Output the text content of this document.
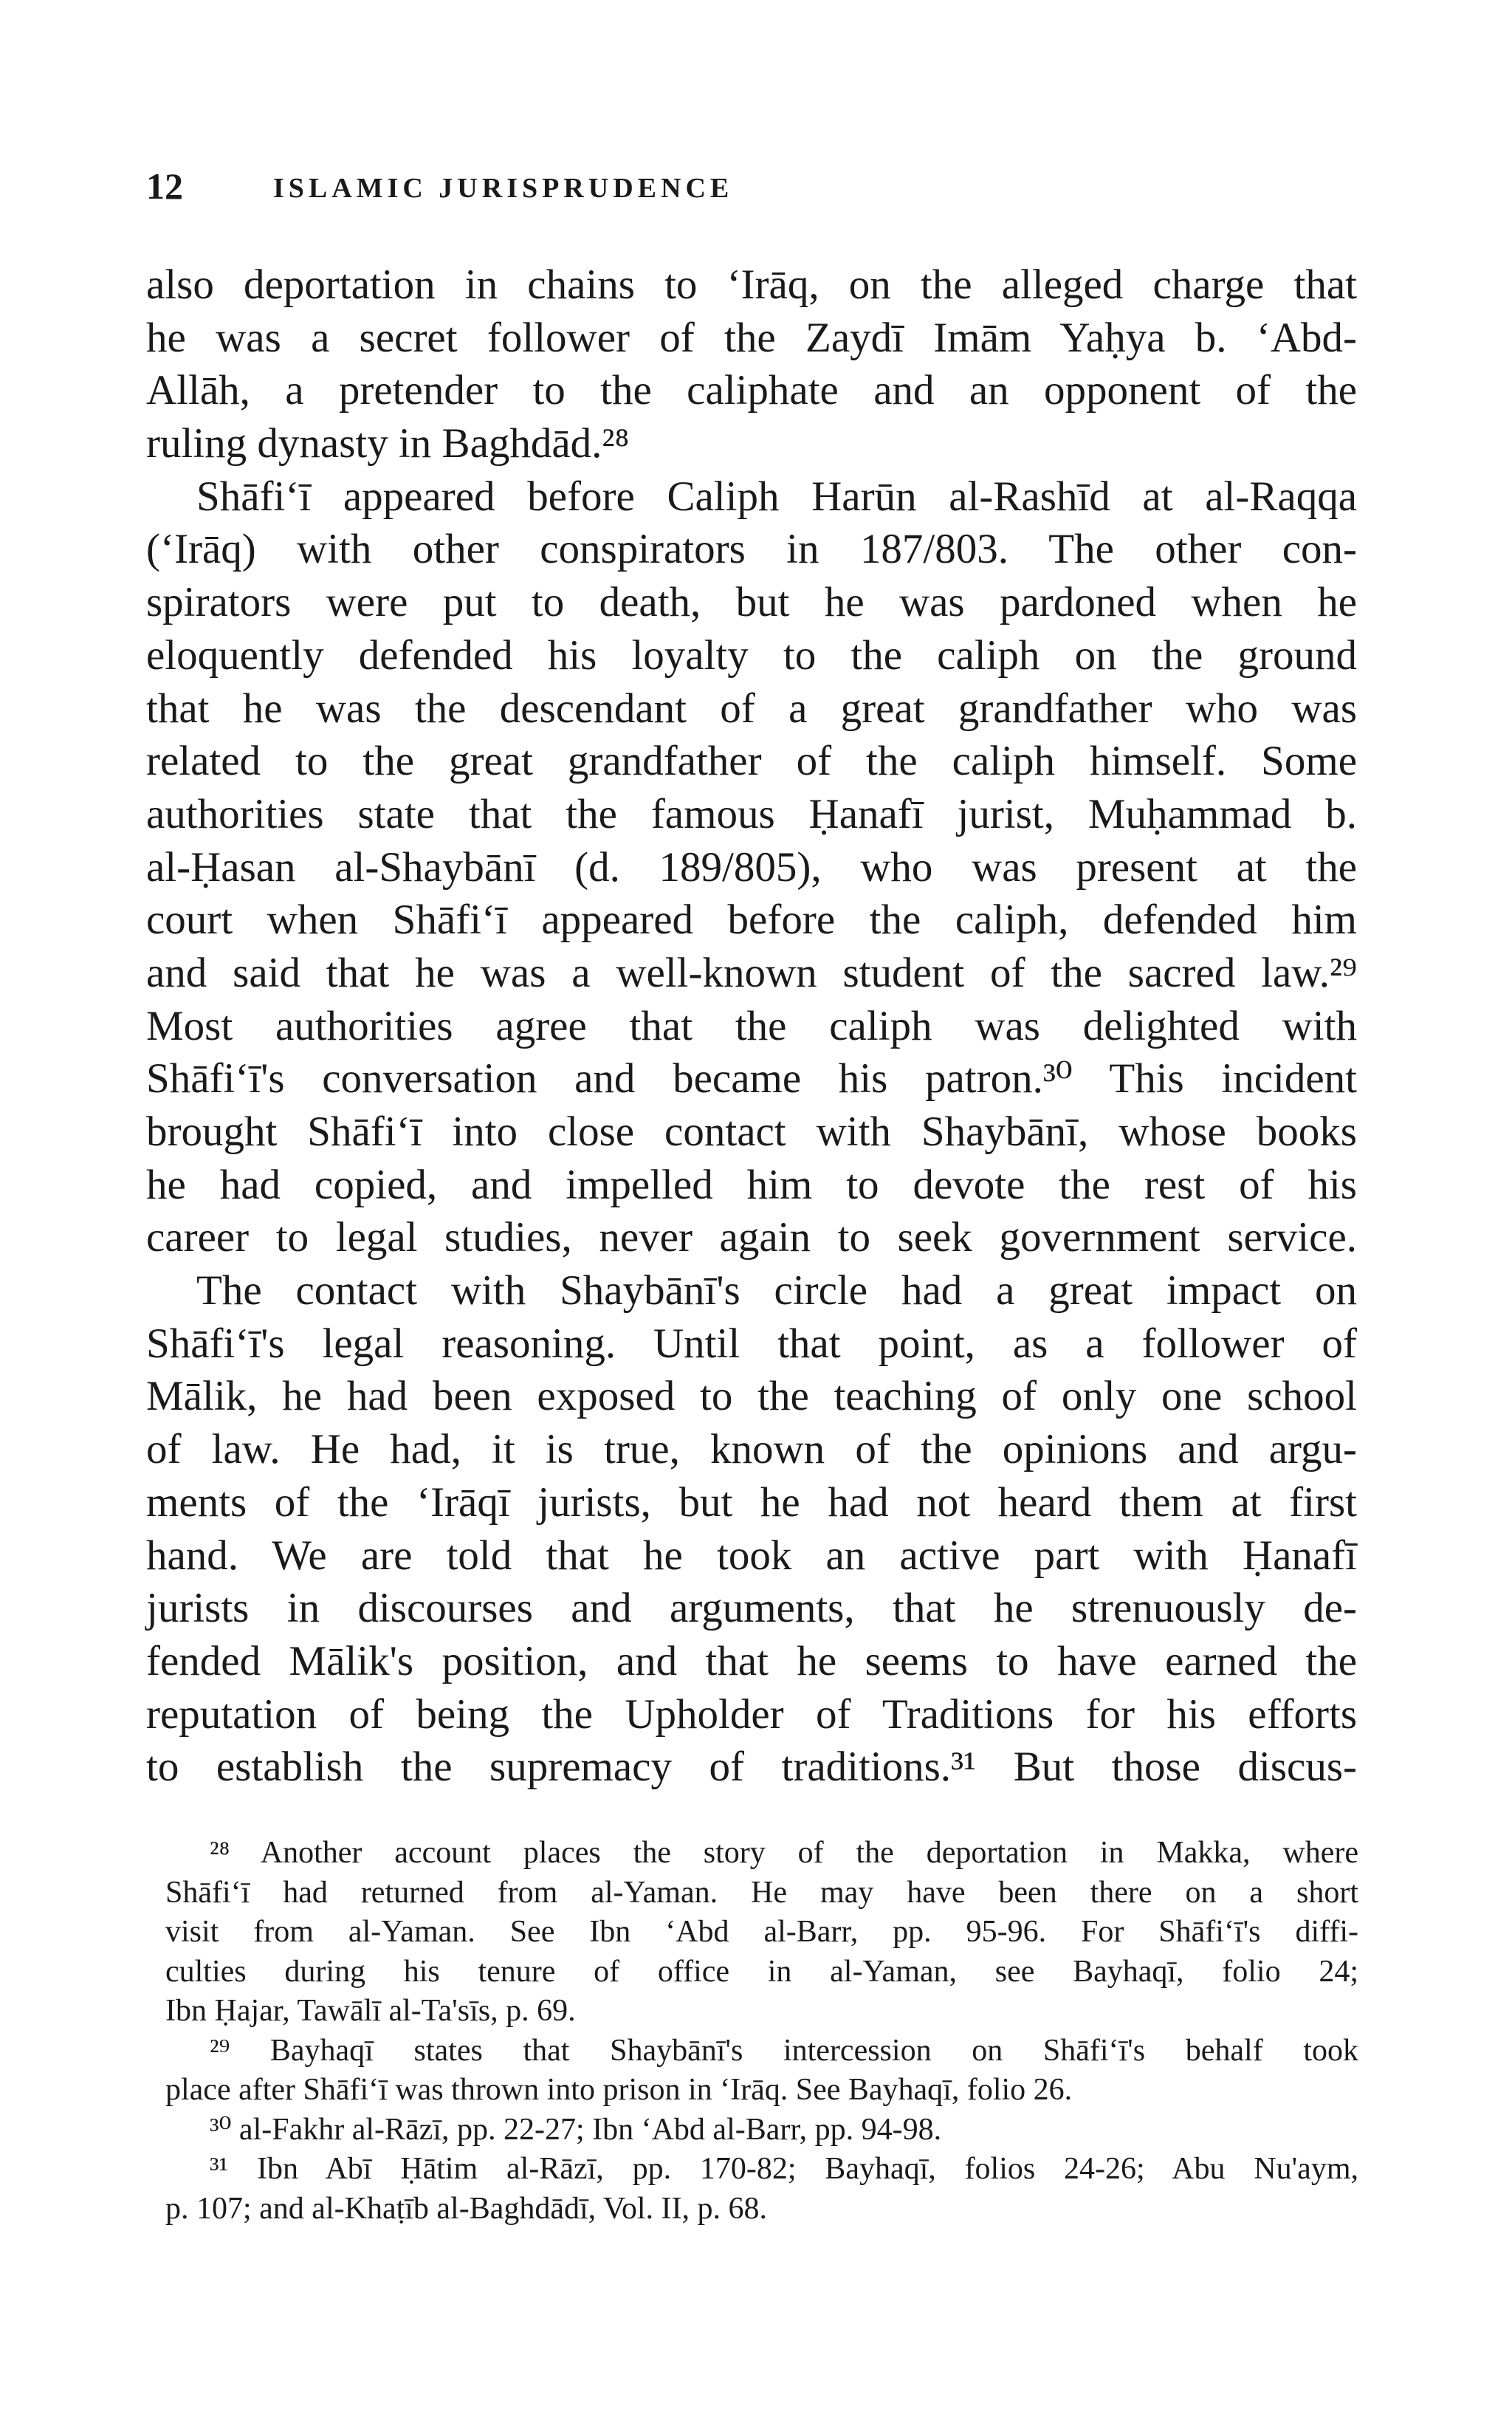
12	ISLAMIC JURISPRUDENCE
also deportation in chains to ‘Irāq, on the alleged charge that
he was a secret follower of the Zaydī Imām Yaḥya b. ‘Abd-
Allāh, a pretender to the caliphate and an opponent of the
ruling dynasty in Baghdād.²⁸
Shāfi‘ī appeared before Caliph Harūn al-Rashīd at al-Raqqa
(‘Irāq) with other conspirators in 187/803. The other con-
spirators were put to death, but he was pardoned when he
eloquently defended his loyalty to the caliph on the ground
that he was the descendant of a great grandfather who was
related to the great grandfather of the caliph himself. Some
authorities state that the famous Ḥanafī jurist, Muḥammad b.
al-Ḥasan al-Shaybānī (d. 189/805), who was present at the
court when Shāfi‘ī appeared before the caliph, defended him
and said that he was a well-known student of the sacred law.²⁹
Most authorities agree that the caliph was delighted with
Shāfi‘ī's conversation and became his patron.³⁰ This incident
brought Shāfi‘ī into close contact with Shaybānī, whose books
he had copied, and impelled him to devote the rest of his
career to legal studies, never again to seek government service.
The contact with Shaybānī's circle had a great impact on
Shāfi‘ī's legal reasoning. Until that point, as a follower of
Mālik, he had been exposed to the teaching of only one school
of law. He had, it is true, known of the opinions and argu-
ments of the ‘Irāqī jurists, but he had not heard them at first
hand. We are told that he took an active part with Ḥanafī
jurists in discourses and arguments, that he strenuously de-
fended Mālik's position, and that he seems to have earned the
reputation of being the Upholder of Traditions for his efforts
to establish the supremacy of traditions.³¹ But those discus-
²⁸ Another account places the story of the deportation in Makka, where
Shāfi‘ī had returned from al-Yaman. He may have been there on a short
visit from al-Yaman. See Ibn ‘Abd al-Barr, pp. 95-96. For Shāfi‘ī's diffi-
culties during his tenure of office in al-Yaman, see Bayhaqī, folio 24;
Ibn Ḥajar, Tawālī al-Ta'sīs, p. 69.
²⁹ Bayhaqī states that Shaybānī's intercession on Shāfi‘ī's behalf took
place after Shāfi‘ī was thrown into prison in ‘Irāq. See Bayhaqī, folio 26.
³⁰ al-Fakhr al-Rāzī, pp. 22-27; Ibn ‘Abd al-Barr, pp. 94-98.
³¹ Ibn Abī Ḥātim al-Rāzī, pp. 170-82; Bayhaqī, folios 24-26; Abu Nu'aym,
p. 107; and al-Khaṭīb al-Baghdādī, Vol. II, p. 68.
